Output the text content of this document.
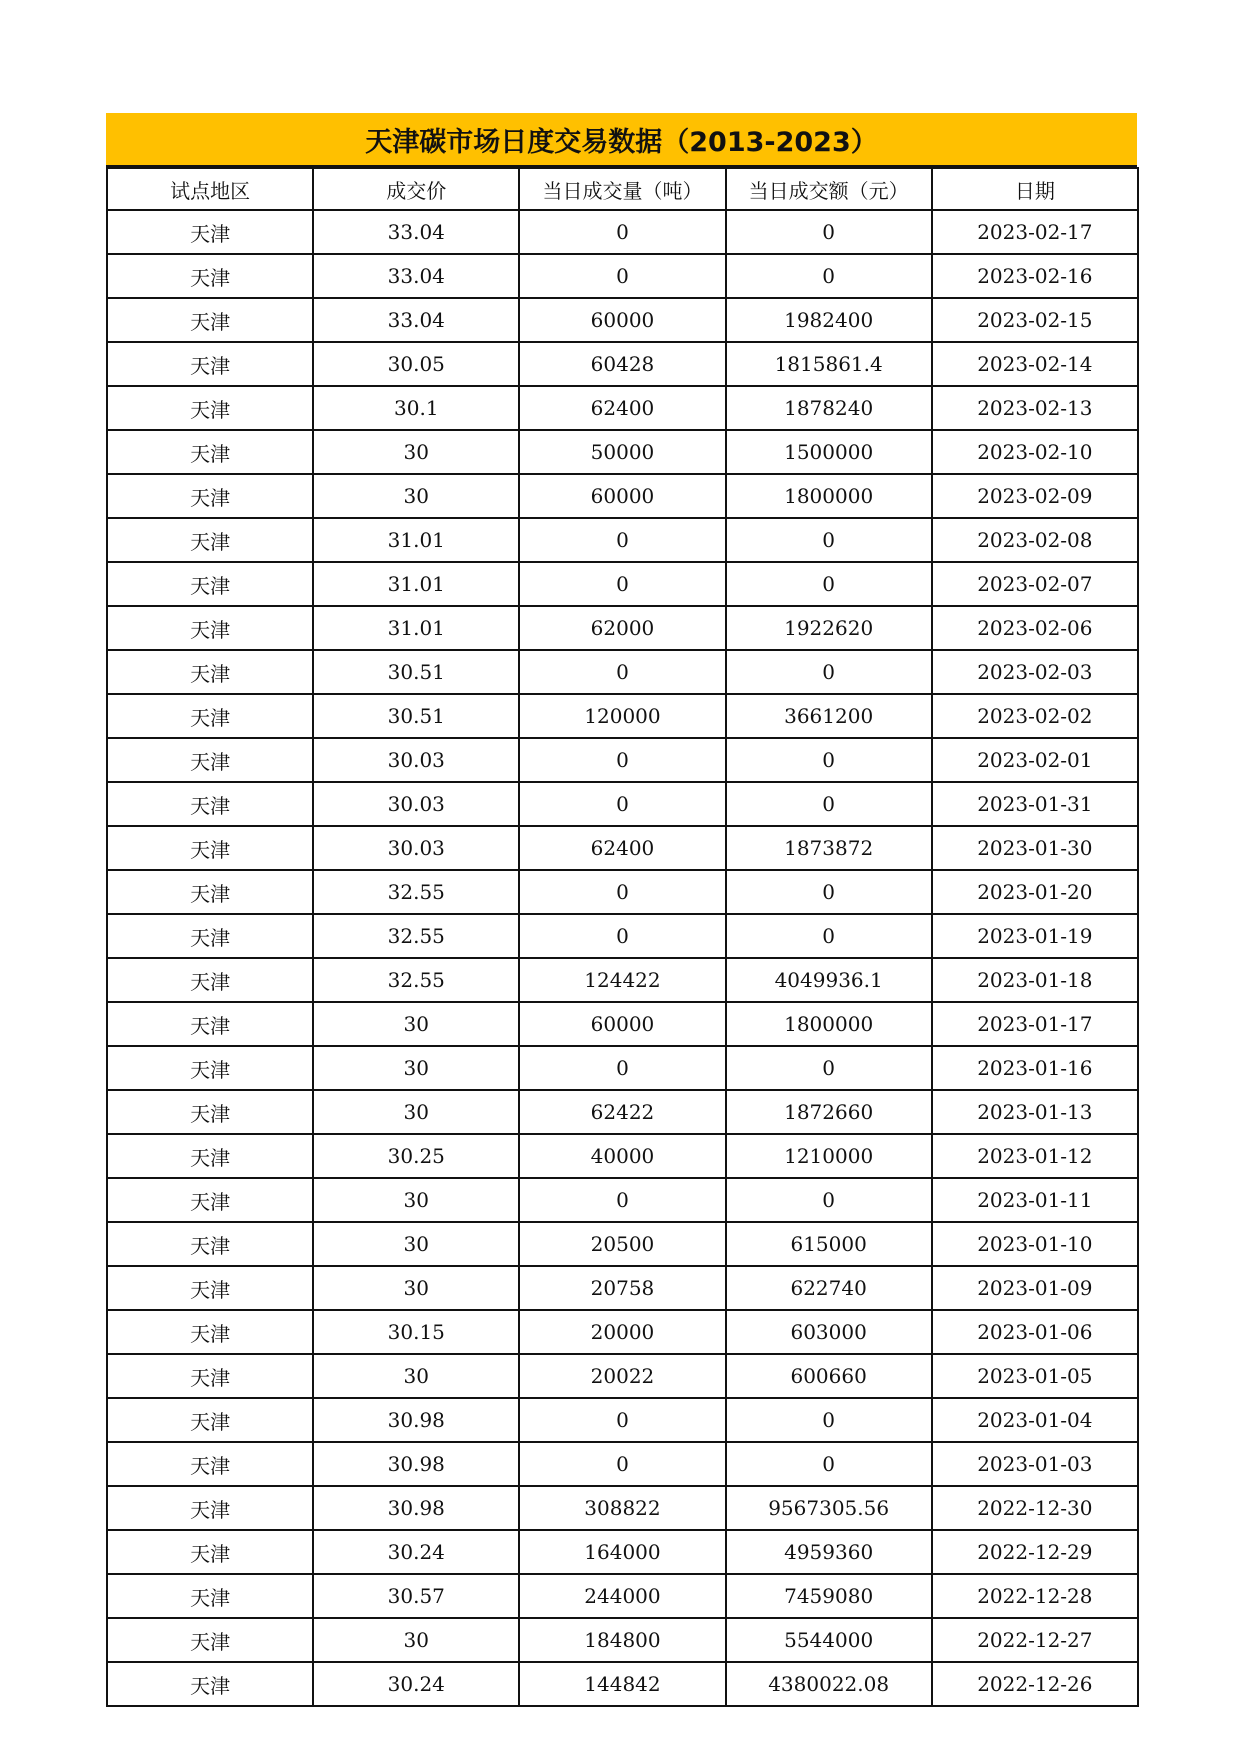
天津碳市场日度交易数据（2013-2023）
试点地区	成交价	当日成交量（吨）	当日成交额（元）	日期
天津	33.04	0	0	2023-02-17
天津	33.04	0	0	2023-02-16
天津	33.04	60000	1982400	2023-02-15
天津	30.05	60428	1815861.4	2023-02-14
天津	30.1	62400	1878240	2023-02-13
天津	30	50000	1500000	2023-02-10
天津	30	60000	1800000	2023-02-09
天津	31.01	0	0	2023-02-08
天津	31.01	0	0	2023-02-07
天津	31.01	62000	1922620	2023-02-06
天津	30.51	0	0	2023-02-03
天津	30.51	120000	3661200	2023-02-02
天津	30.03	0	0	2023-02-01
天津	30.03	0	0	2023-01-31
天津	30.03	62400	1873872	2023-01-30
天津	32.55	0	0	2023-01-20
天津	32.55	0	0	2023-01-19
天津	32.55	124422	4049936.1	2023-01-18
天津	30	60000	1800000	2023-01-17
天津	30	0	0	2023-01-16
天津	30	62422	1872660	2023-01-13
天津	30.25	40000	1210000	2023-01-12
天津	30	0	0	2023-01-11
天津	30	20500	615000	2023-01-10
天津	30	20758	622740	2023-01-09
天津	30.15	20000	603000	2023-01-06
天津	30	20022	600660	2023-01-05
天津	30.98	0	0	2023-01-04
天津	30.98	0	0	2023-01-03
天津	30.98	308822	9567305.56	2022-12-30
天津	30.24	164000	4959360	2022-12-29
天津	30.57	244000	7459080	2022-12-28
天津	30	184800	5544000	2022-12-27
天津	30.24	144842	4380022.08	2022-12-26
